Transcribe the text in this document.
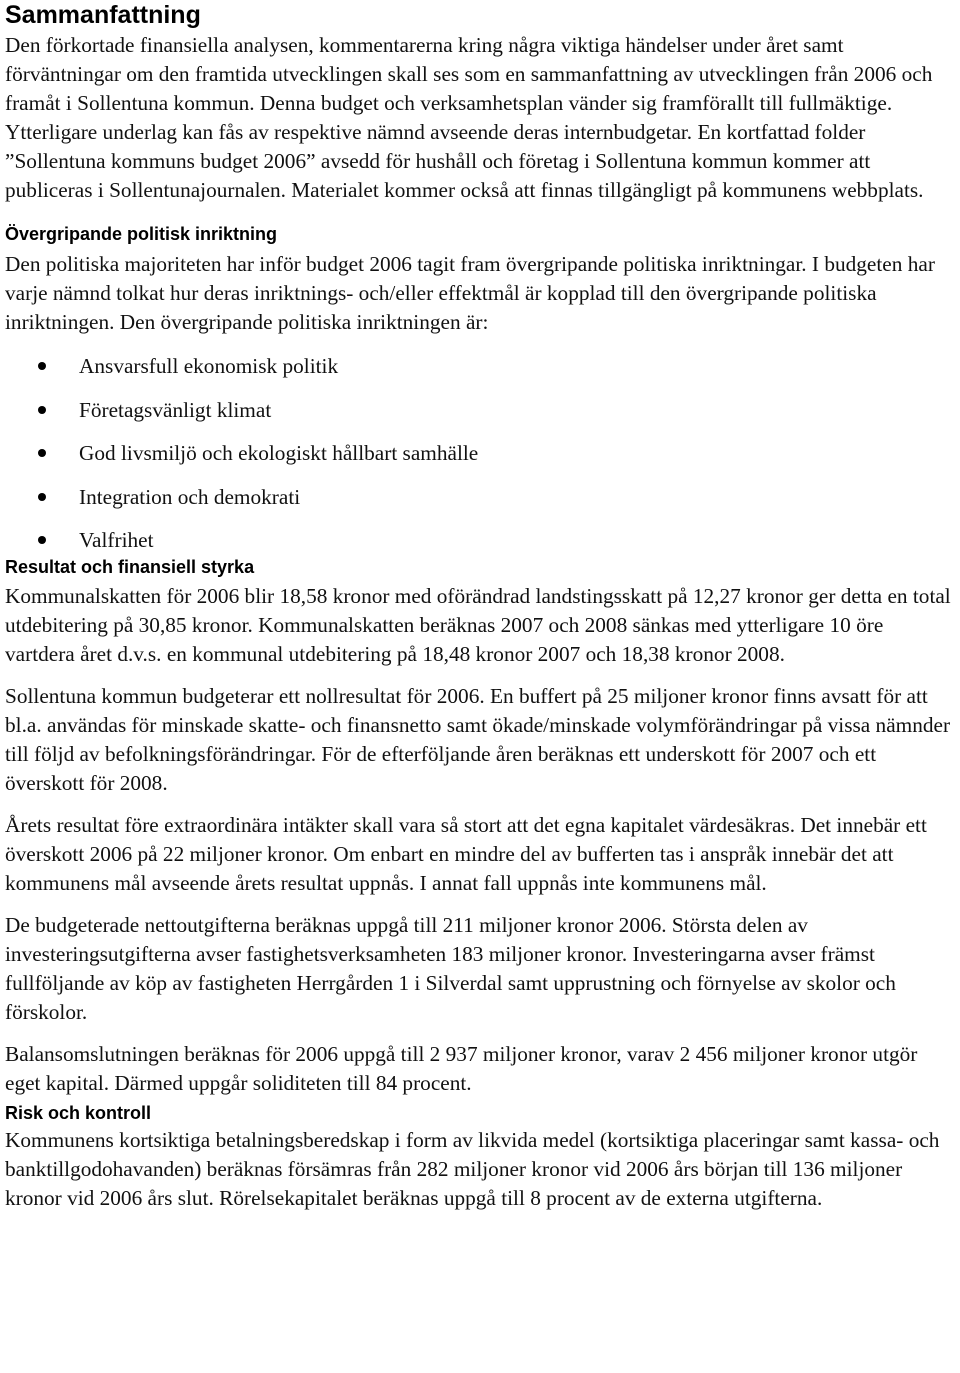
Sammanfattning

Den förkortade finansiella analysen, kommentarerna kring några viktiga händelser under året samt förväntningar om den framtida utvecklingen skall ses som en sammanfattning av utvecklingen från 2006 och framåt i Sollentuna kommun. Denna budget och verksamhetsplan vänder sig framförallt till fullmäktige. Ytterligare underlag kan fås av respektive nämnd avseende deras internbudgetar. En kortfattad folder ”Sollentuna kommuns budget 2006” avsedd för hushåll och företag i Sollentuna kommun kommer att publiceras i Sollentunajournalen. Materialet kommer också att finnas tillgängligt på kommunens webbplats.

Övergripande politisk inriktning

Den politiska majoriteten har inför budget 2006 tagit fram övergripande politiska inriktningar. I budgeten har varje nämnd tolkat hur deras inriktnings- och/eller effektmål är kopplad till den övergripande politiska inriktningen. Den övergripande politiska inriktningen är:

Ansvarsfull ekonomisk politik
Företagsvänligt klimat
God livsmiljö och ekologiskt hållbart samhälle
Integration och demokrati
Valfrihet
Resultat och finansiell styrka

Kommunalskatten för 2006 blir 18,58 kronor med oförändrad landstingsskatt på 12,27 kronor ger detta en total utdebitering på 30,85 kronor. Kommunalskatten beräknas 2007 och 2008 sänkas med ytterligare 10 öre vartdera året d.v.s. en kommunal utdebitering på 18,48 kronor 2007 och 18,38 kronor 2008.

Sollentuna kommun budgeterar ett nollresultat för 2006. En buffert på 25 miljoner kronor finns avsatt för att bl.a. användas för minskade skatte- och finansnetto samt ökade/minskade volymförändringar på vissa nämnder till följd av befolkningsförändringar. För de efterföljande åren beräknas ett underskott för 2007 och ett överskott för 2008.

Årets resultat före extraordinära intäkter skall vara så stort att det egna kapitalet värdesäkras. Det innebär ett överskott 2006 på 22 miljoner kronor. Om enbart en mindre del av bufferten tas i anspråk innebär det att kommunens mål avseende årets resultat uppnås. I annat fall uppnås inte kommunens mål.

De budgeterade nettoutgifterna beräknas uppgå till 211 miljoner kronor 2006. Största delen av investeringsutgifterna avser fastighetsverksamheten 183 miljoner kronor. Investeringarna avser främst fullföljande av köp av fastigheten Herrgården 1 i Silverdal samt upprustning och förnyelse av skolor och förskolor.

Balansomslutningen beräknas för 2006 uppgå till 2 937 miljoner kronor, varav 2 456 miljoner kronor utgör eget kapital. Därmed uppgår soliditeten till 84 procent.

Risk och kontroll

Kommunens kortsiktiga betalningsberedskap i form av likvida medel (kortsiktiga placeringar samt kassa- och banktillgodohavanden) beräknas försämras från 282 miljoner kronor vid 2006 års början till 136 miljoner kronor vid 2006 års slut. Rörelsekapitalet beräknas uppgå till 8 procent av de externa utgifterna.
